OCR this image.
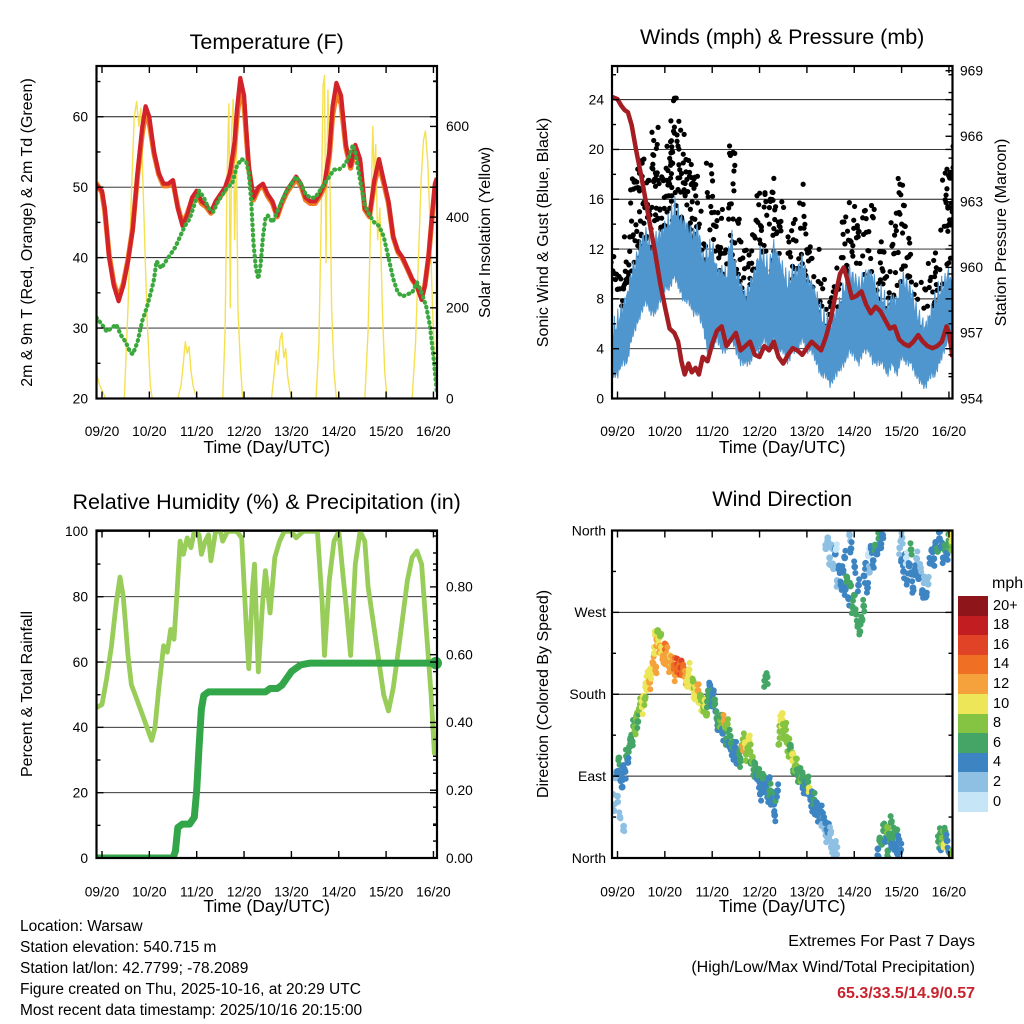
09/20 10/20 11/20 12/20 13/20 14/20 15/20 16/20
20
30
40
50
60
0
200
400
600
09/20 10/20 11/20 12/20 13/20 14/20 15/20 16/20
0
4
8
12
16
20
24
954
957
960
963
966
969
09/20 10/20 11/20 12/20 13/20 14/20 15/20 16/20
0
20
40
60
80
100
0.00
0.20
0.40
0.60
0.80
09/20 10/20 11/20 12/20 13/20 14/20 15/20 16/20
North
West
South
East
North
Temperature (F)	Winds (mph) & Pressure (mb)
Relative Humidity (%) & Precipitation (in)	Wind Direction
2m & 9m T (Red, Orange) & 2m Td (Green)	Solar Insolation (Yellow)	Sonic Wind & Gust (Blue, Black)	Station Pressure (Maroon)
Percent & Total Rainfall	Direction (Colored By Speed)
Time (Day/UTC)	Time (Day/UTC)
Time (Day/UTC)	Time (Day/UTC)
mph
20+
18
16
14
12
10
8
6
4
2
0
Location: Warsaw
Station elevation: 540.715 m
Station lat/lon: 42.7799; -78.2089
Figure created on Thu, 2025-10-16, at 20:29 UTC
Most recent data timestamp: 2025/10/16 20:15:00
Extremes For Past 7 Days
(High/Low/Max Wind/Total Precipitation)
65.3/33.5/14.9/0.57
